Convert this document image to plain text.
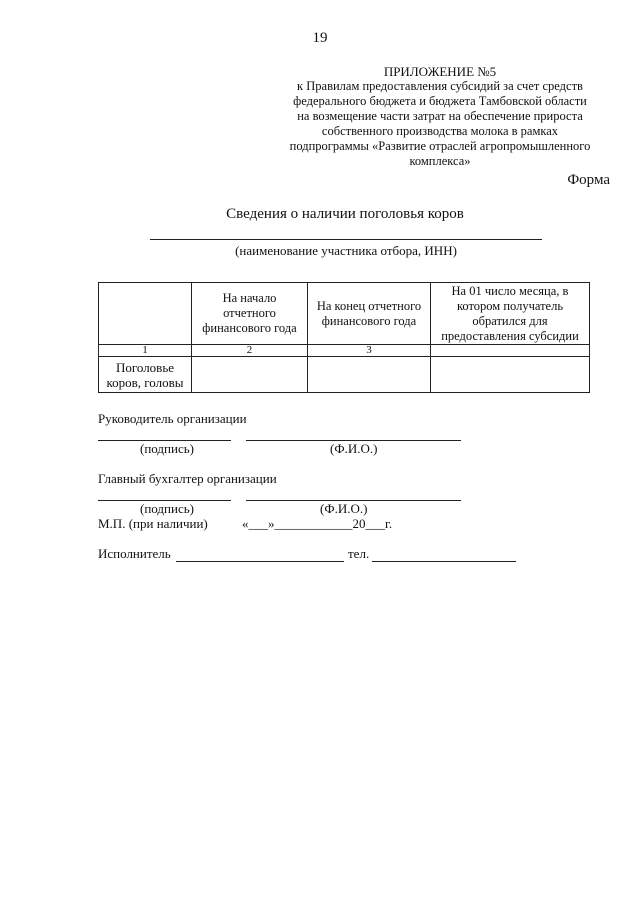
19
ПРИЛОЖЕНИЕ №5
к Правилам предоставления субсидий за счет средств
федерального бюджета и бюджета Тамбовской области
на возмещение части затрат на обеспечение прироста
собственного производства молока в рамках
подпрограммы «Развитие отраслей агропромышленного
комплекса»
Форма
Сведения о наличии поголовья коров
(наименование участника отбора, ИНН)
	На начало отчетного финансового года	На конец отчетного финансового года	На 01 число месяца, в котором получатель обратился для предоставления субсидии
1	2	3	
Поголовье коров, головы			
Руководитель организации
(подпись)	(Ф.И.О.)
Главный бухгалтер организации
(подпись)	(Ф.И.О.)
М.П. (при наличии)	«___»____________20___г.
Исполнитель	тел.
